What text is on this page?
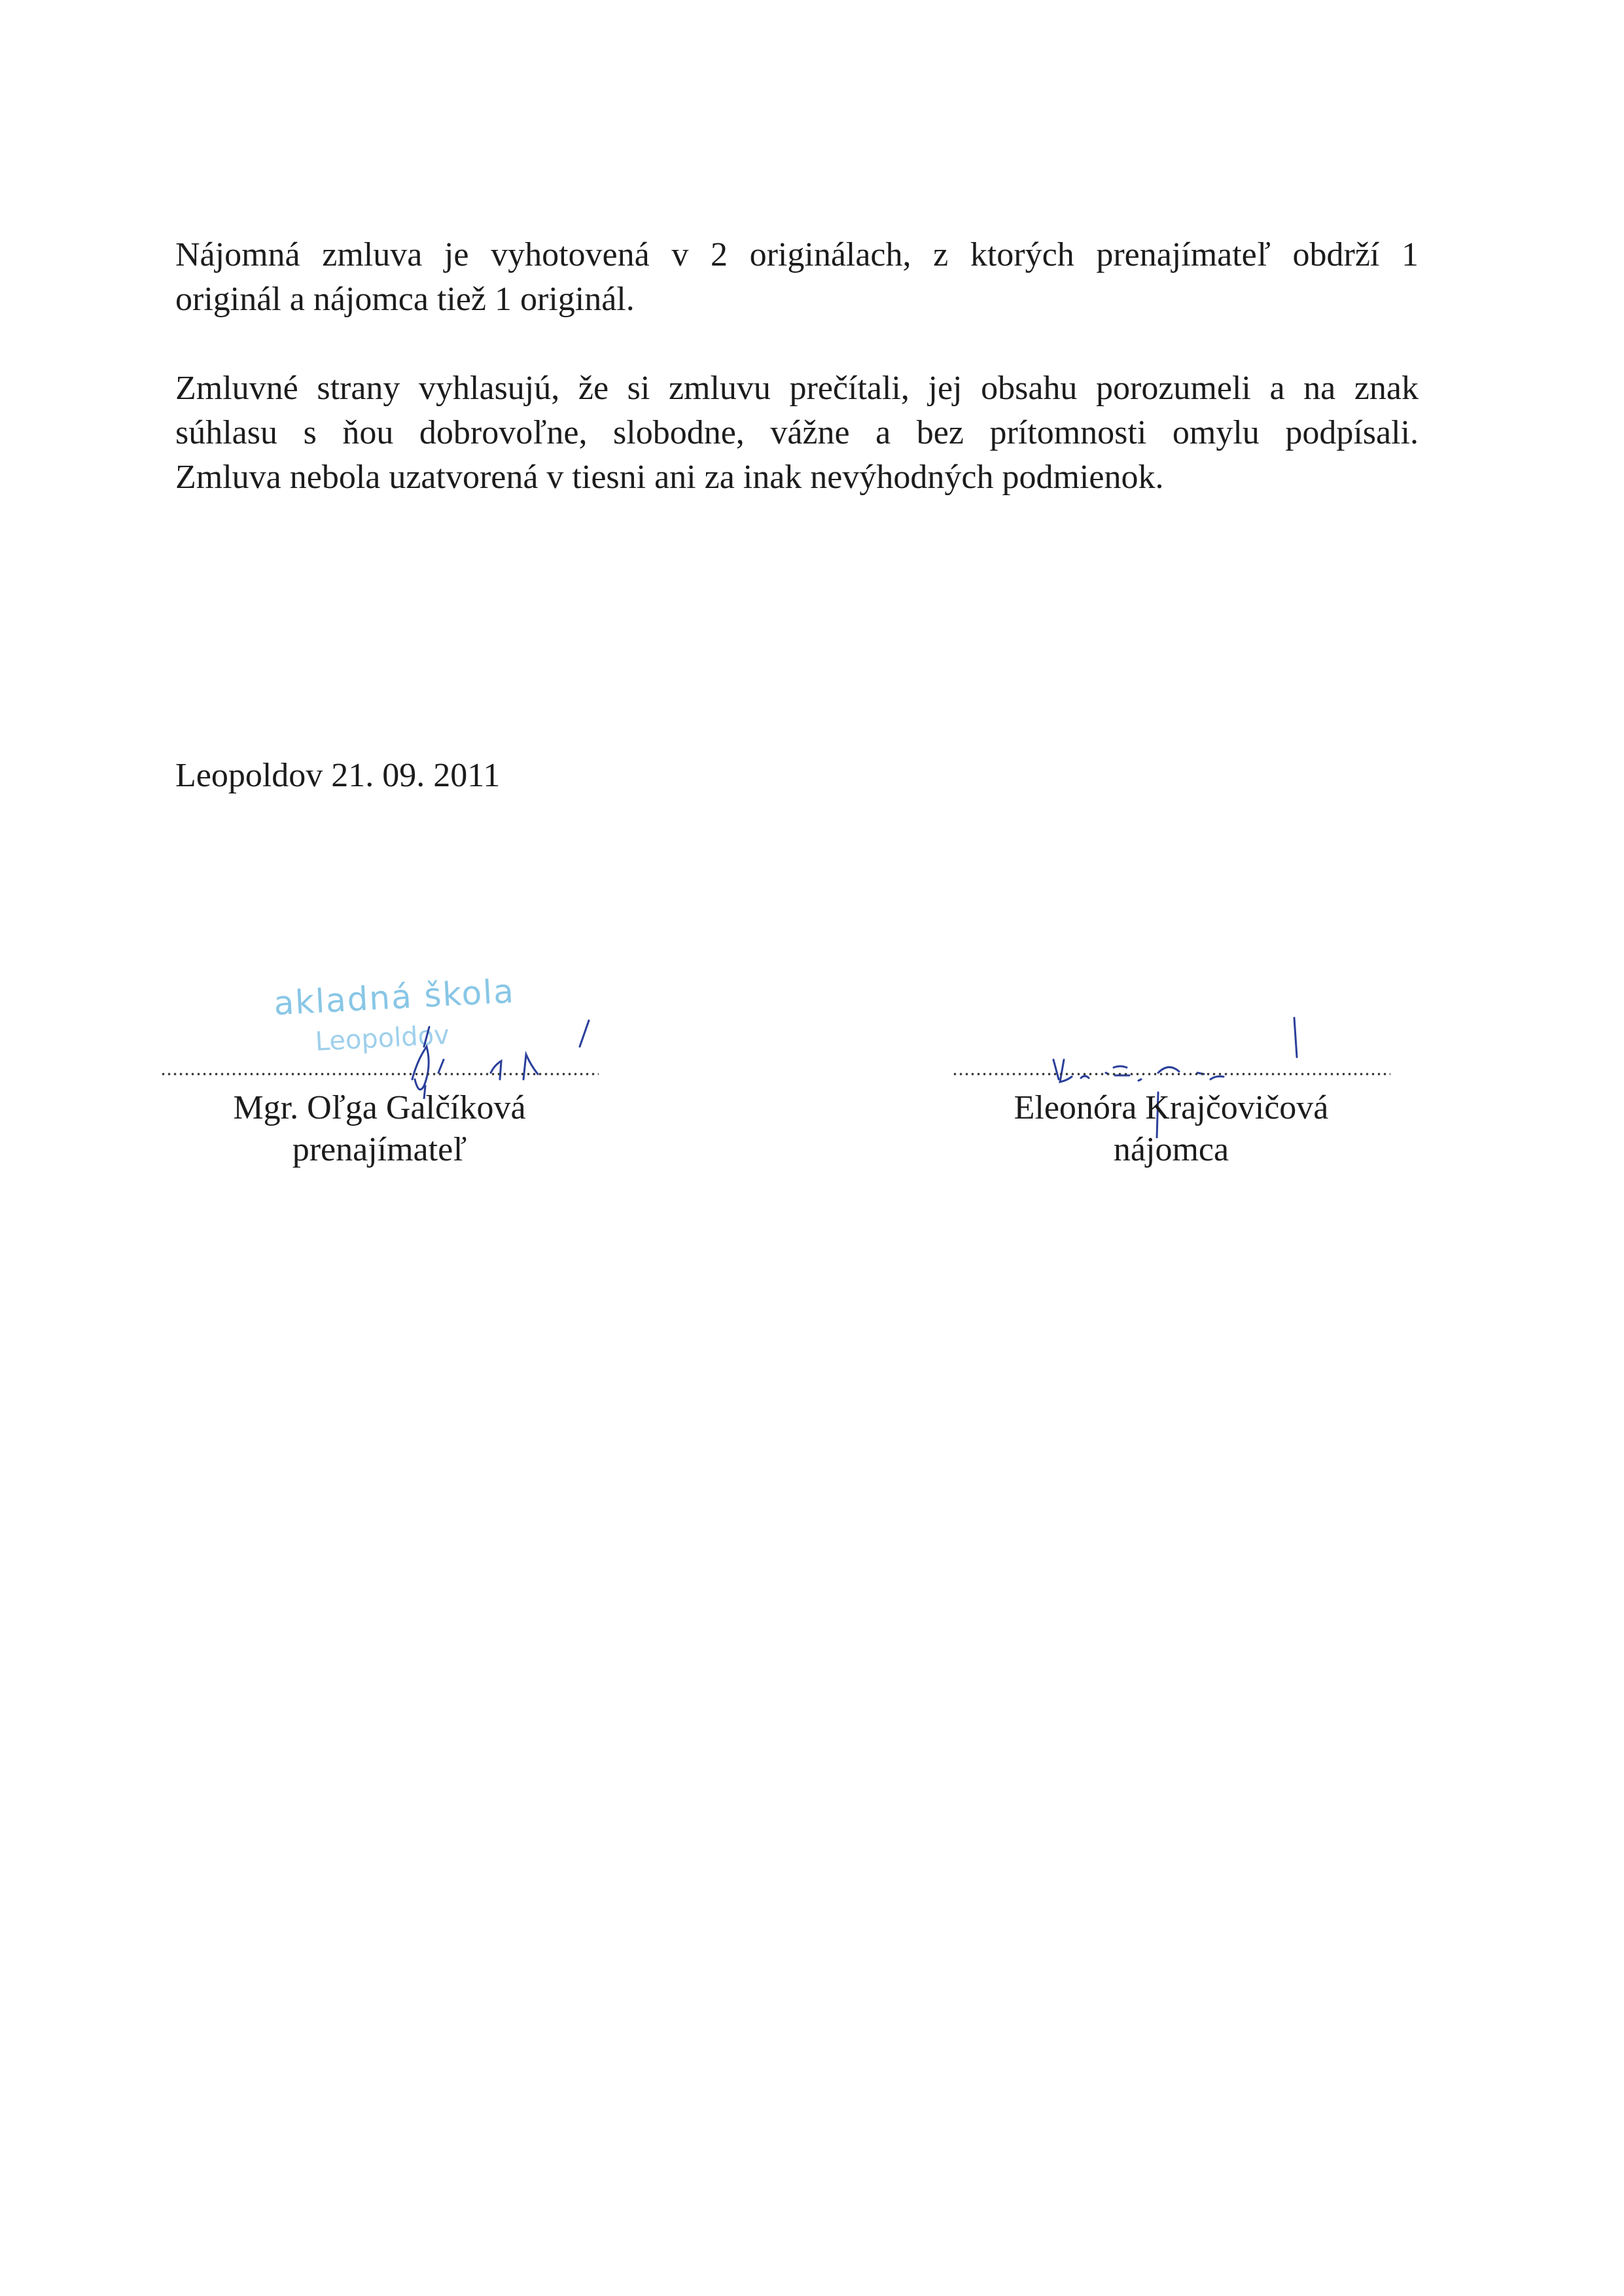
Nájomná zmluva je vyhotovená v 2 originálach, z ktorých prenajímateľ obdrží 1
originál a nájomca tiež 1 originál.

Zmluvné strany vyhlasujú, že si zmluvu prečítali, jej obsahu porozumeli a na znak
súhlasu s ňou dobrovoľne, slobodne, vážne a bez prítomnosti omylu podpísali.
Zmluva nebola uzatvorená v tiesni ani za inak nevýhodných podmienok.

Leopoldov 21. 09. 2011

akladná škola
Leopoldov
Mgr. Oľga Galčíková
prenajímateľ
Eleonóra Krajčovičová
nájomca
